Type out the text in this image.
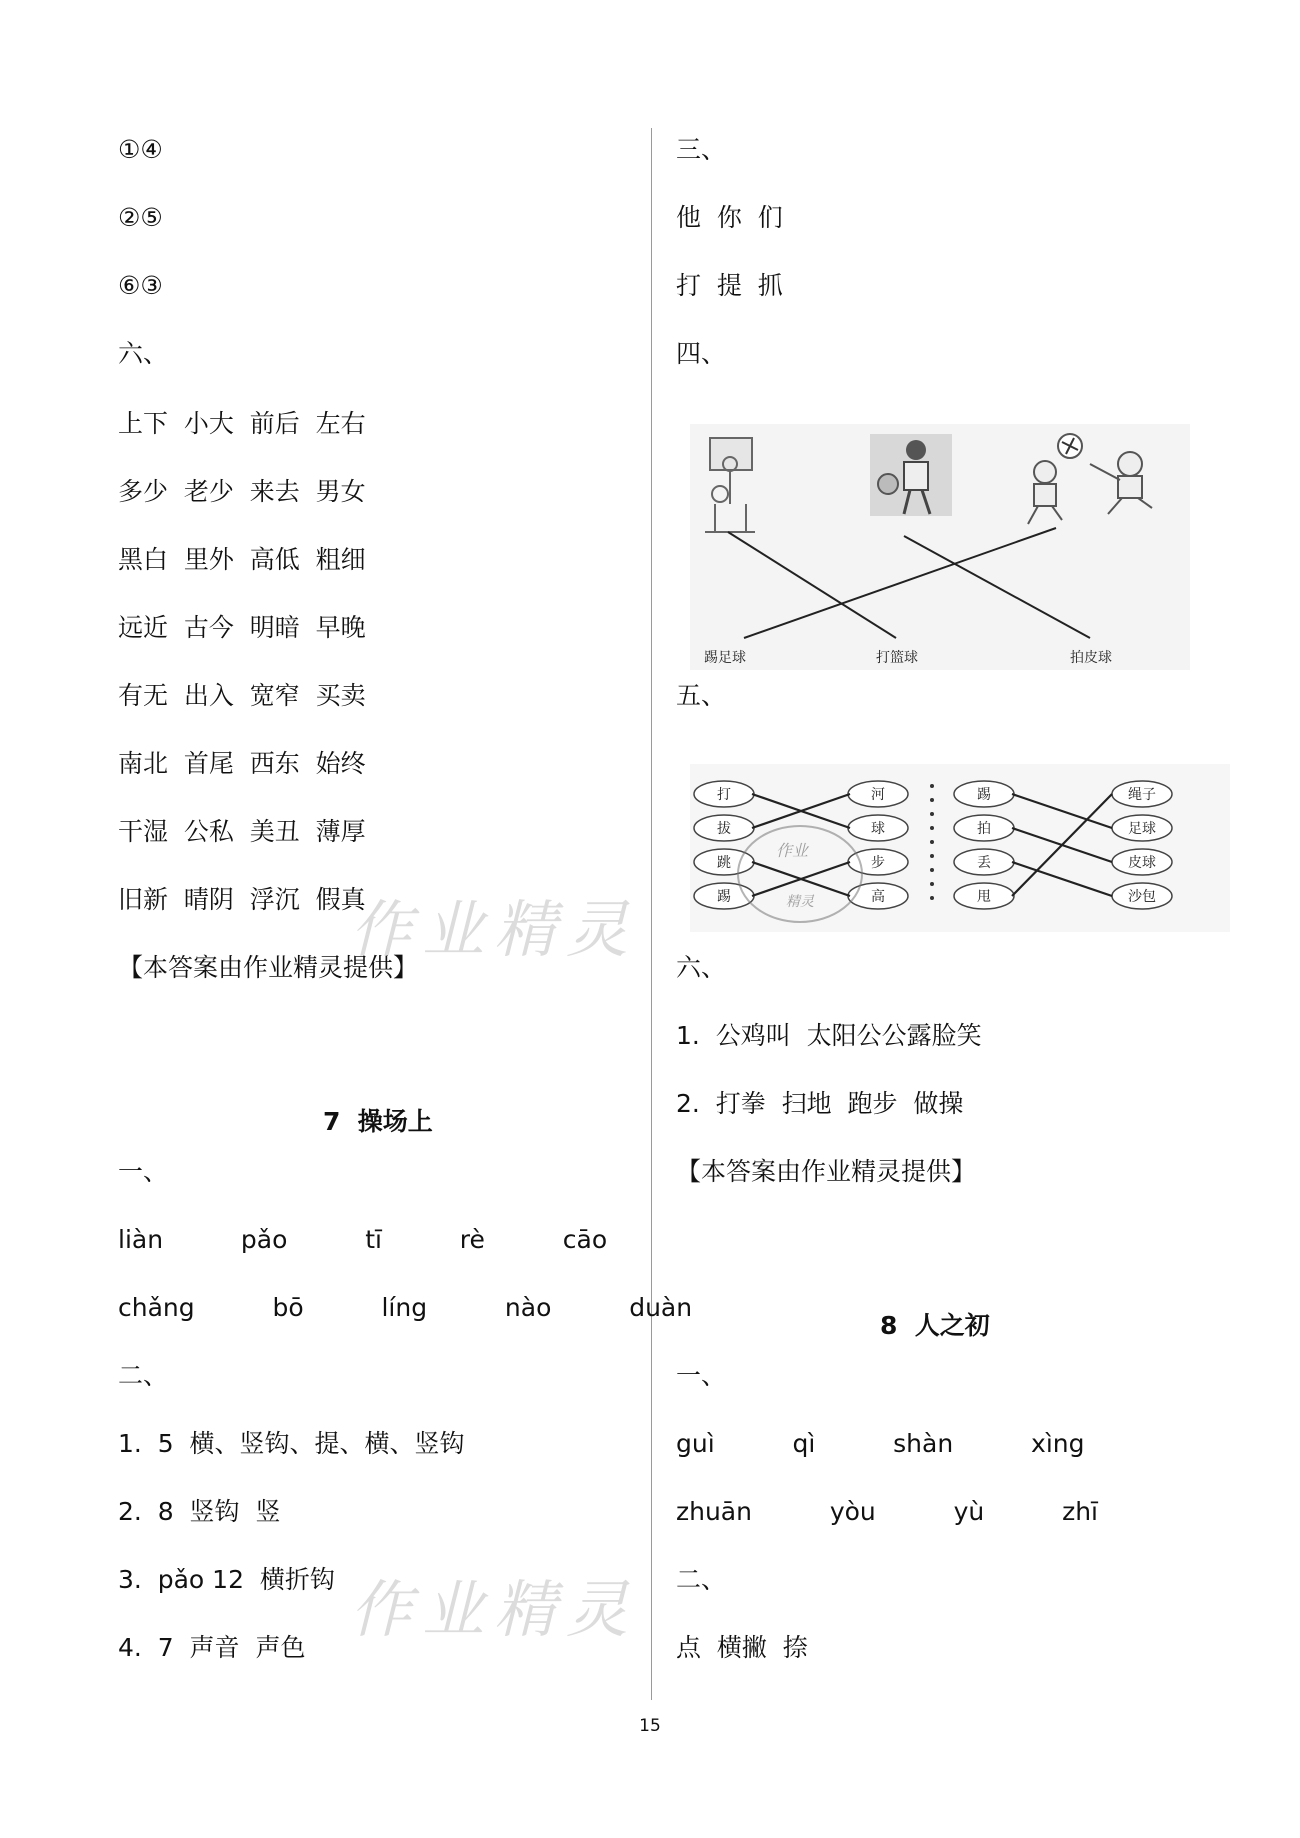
①④
②⑤
⑥③
六、
上下  小大  前后  左右
多少  老少  来去  男女
黑白  里外  高低  粗细
远近  古今  明暗  早晚
有无  出入  宽窄  买卖
南北  首尾  西东  始终
干湿  公私  美丑  薄厚
旧新  晴阴  浮沉  假真
【本答案由作业精灵提供】
7  操场上
一、
liàn   pǎo   tī   rè   cāo
chǎng   bō   líng   nào   duàn
二、
1.  5  横、竖钩、提、横、竖钩
2.  8  竖钩  竖
3.  pǎo 12  横折钩
4.  7  声音  声色
三、
他  你  们
打  提  抓
四、
五、
六、
1.  公鸡叫  太阳公公露脸笑
2.  打拳  扫地  跑步  做操
【本答案由作业精灵提供】
8  人之初
一、
guì   qì   shàn   xìng
zhuān   yòu   yù   zhī
二、
点  横撇  捺
踢足球	打篮球	拍皮球
打	河	踢	绳子
拔	球	拍	足球
跳	步	丢	皮球
踢	高	甩	沙包
作业
精灵
作业精灵
作业精灵
15
